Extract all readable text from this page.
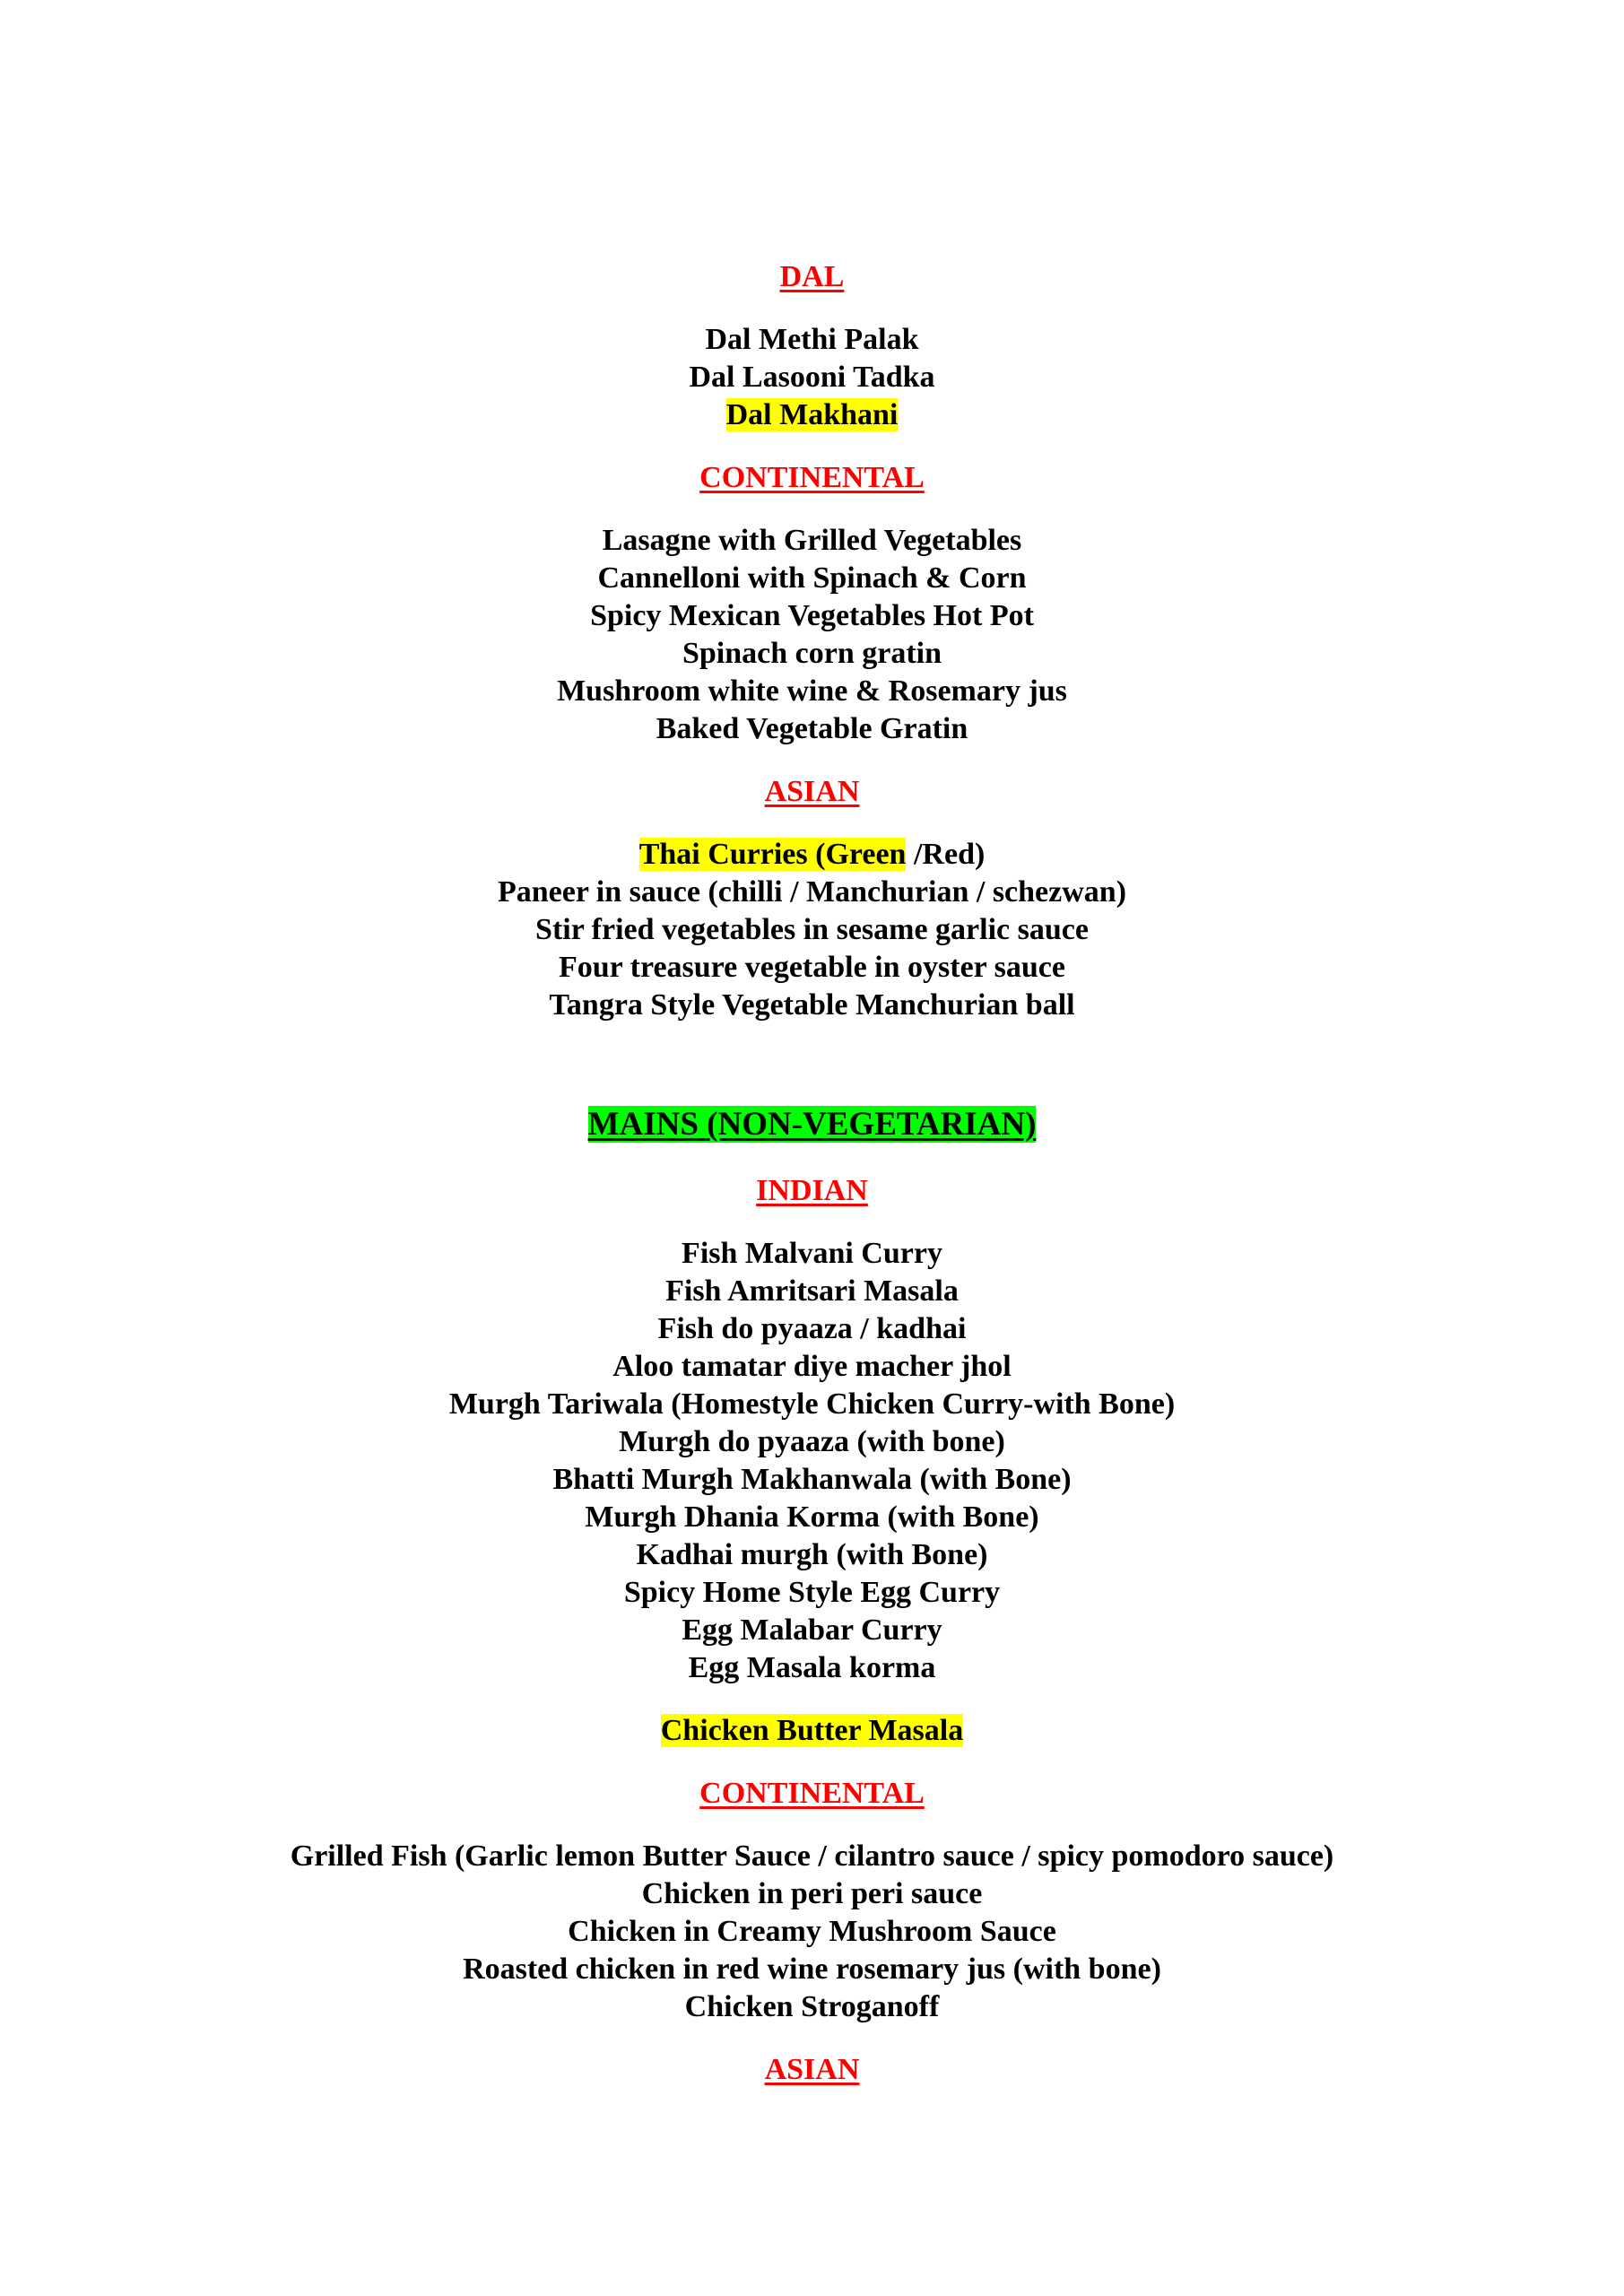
DAL
Dal Methi Palak
Dal Lasooni Tadka
Dal Makhani
CONTINENTAL
Lasagne with Grilled Vegetables
Cannelloni with Spinach & Corn
Spicy Mexican Vegetables Hot Pot
Spinach corn gratin
Mushroom white wine & Rosemary jus
Baked Vegetable Gratin
ASIAN
Thai Curries (Green /Red)
Paneer in sauce (chilli / Manchurian / schezwan)
Stir fried vegetables in sesame garlic sauce
Four treasure vegetable in oyster sauce
Tangra Style Vegetable Manchurian ball
MAINS (NON-VEGETARIAN)
INDIAN
Fish Malvani Curry
Fish Amritsari Masala
Fish do pyaaza / kadhai
Aloo tamatar diye macher jhol
Murgh Tariwala (Homestyle Chicken Curry-with Bone)
Murgh do pyaaza (with bone)
Bhatti Murgh Makhanwala (with Bone)
Murgh Dhania Korma (with Bone)
Kadhai murgh (with Bone)
Spicy Home Style Egg Curry
Egg Malabar Curry
Egg Masala korma
Chicken Butter Masala
CONTINENTAL
Grilled Fish (Garlic lemon Butter Sauce / cilantro sauce / spicy pomodoro sauce)
Chicken in peri peri sauce
Chicken in Creamy Mushroom Sauce
Roasted chicken in red wine rosemary jus (with bone)
Chicken Stroganoff
ASIAN
